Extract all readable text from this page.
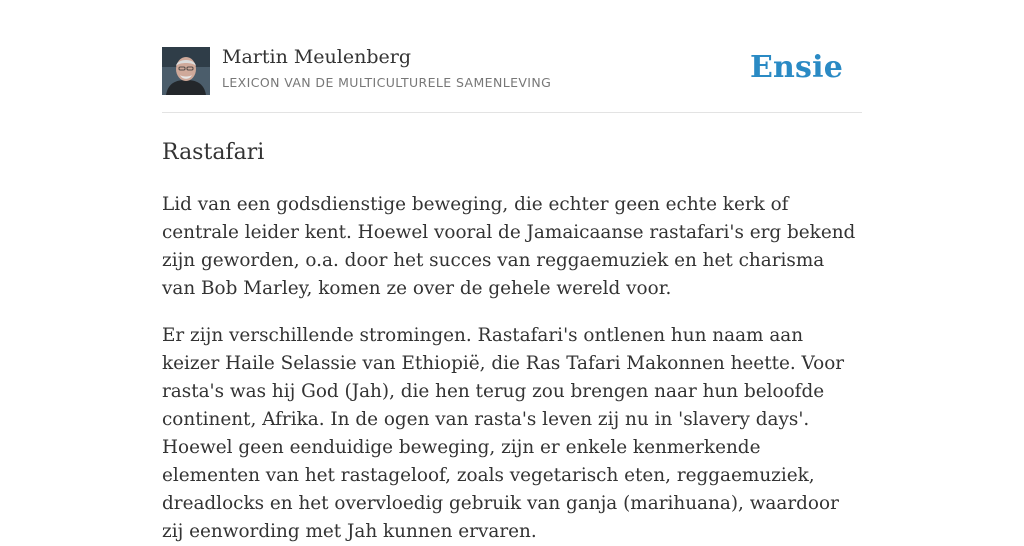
Martin Meulenberg
LEXICON VAN DE MULTICULTURELE SAMENLEVING	Ensie
Rastafari

Lid van een godsdienstige beweging, die echter geen echte kerk of centrale leider kent. Hoewel vooral de Jamaicaanse rastafari's erg bekend zijn geworden, o.a. door het succes van reggaemuziek en het charisma van Bob Marley, komen ze over de gehele wereld voor.

Er zijn verschillende stromingen. Rastafari's ontlenen hun naam aan keizer Haile Selassie van Ethiopië, die Ras Tafari Makonnen heette. Voor rasta's was hij God (Jah), die hen terug zou brengen naar hun beloofde continent, Afrika. In de ogen van rasta's leven zij nu in 'slavery days'. Hoewel geen eenduidige beweging, zijn er enkele kenmerkende elementen van het rastageloof, zoals vegetarisch eten, reggaemuziek, dreadlocks en het overvloedig gebruik van ganja (marihuana), waardoor zij eenwording met Jah kunnen ervaren.
